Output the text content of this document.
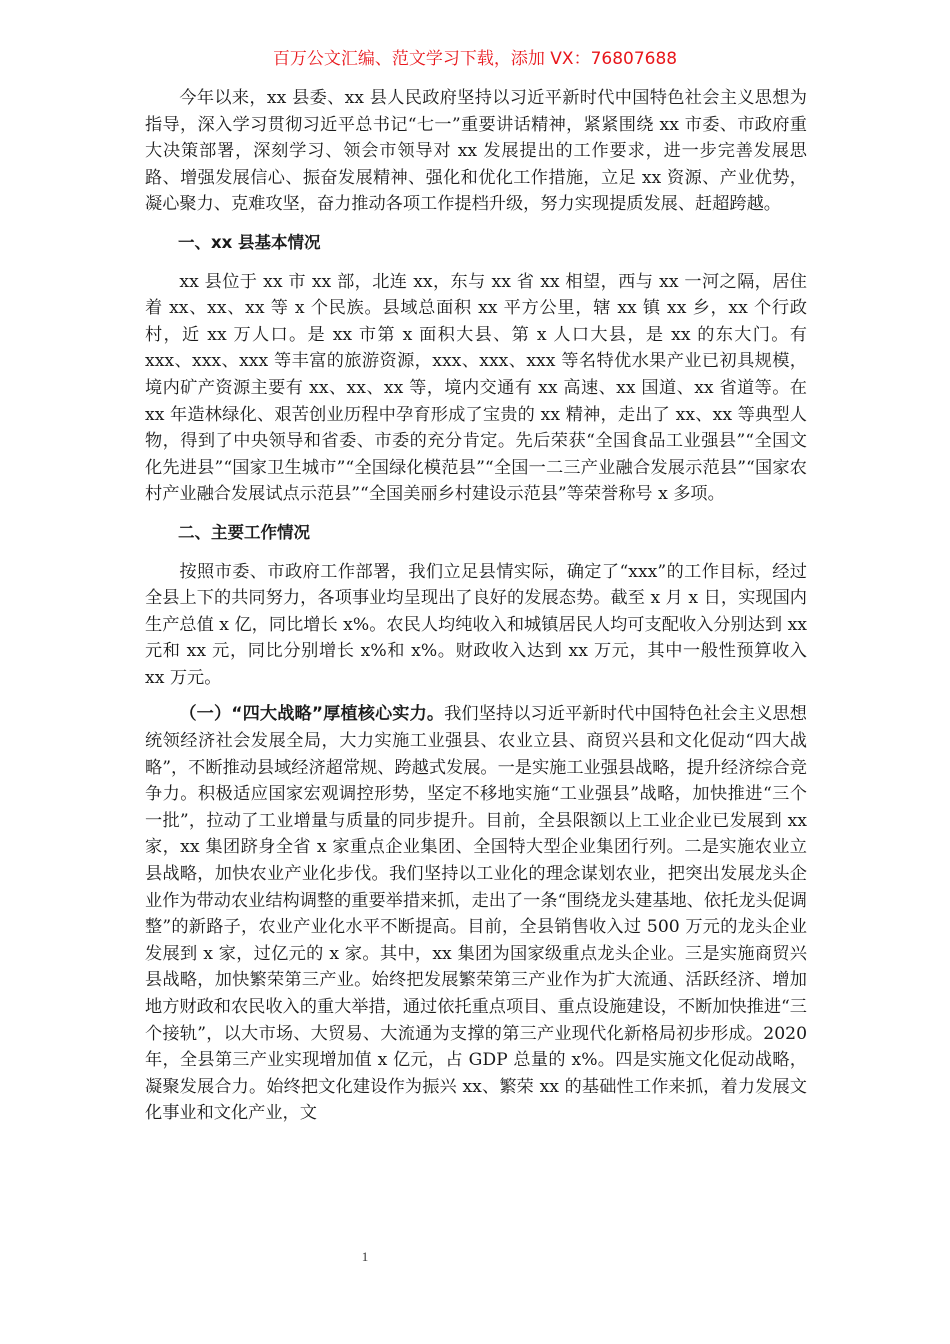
百万公文汇编、范文学习下载，添加 VX：76807688

今年以来，xx 县委、xx 县人民政府坚持以习近平新时代中国特色社会主义思想为指导，深入学习贯彻习近平总书记“七一”重要讲话精神，紧紧围绕 xx 市委、市政府重大决策部署，深刻学习、领会市领导对 xx 发展提出的工作要求，进一步完善发展思路、增强发展信心、振奋发展精神、强化和优化工作措施，立足 xx 资源、产业优势，凝心聚力、克难攻坚，奋力推动各项工作提档升级，努力实现提质发展、赶超跨越。

一、xx 县基本情况

xx 县位于 xx 市 xx 部，北连 xx，东与 xx 省 xx 相望，西与 xx 一河之隔，居住着 xx、xx、xx 等 x 个民族。县域总面积 xx 平方公里，辖 xx 镇 xx 乡，xx 个行政村，近 xx 万人口。是 xx 市第 x 面积大县、第 x 人口大县，是 xx 的东大门。有 xxx、xxx、xxx 等丰富的旅游资源，xxx、xxx、xxx 等名特优水果产业已初具规模，境内矿产资源主要有 xx、xx、xx 等，境内交通有 xx 高速、xx 国道、xx 省道等。在 xx 年造林绿化、艰苦创业历程中孕育形成了宝贵的 xx 精神，走出了 xx、xx 等典型人物，得到了中央领导和省委、市委的充分肯定。先后荣获“全国食品工业强县”“全国文化先进县”“国家卫生城市”“全国绿化模范县”“全国一二三产业融合发展示范县”“国家农村产业融合发展试点示范县”“全国美丽乡村建设示范县”等荣誉称号 x 多项。

二、主要工作情况

按照市委、市政府工作部署，我们立足县情实际，确定了“xxx”的工作目标，经过全县上下的共同努力，各项事业均呈现出了良好的发展态势。截至 x 月 x 日，实现国内生产总值 x 亿，同比增长 x%。农民人均纯收入和城镇居民人均可支配收入分别达到 xx 元和 xx 元，同比分别增长 x%和 x%。财政收入达到 xx 万元，其中一般性预算收入 xx 万元。

（一）“四大战略”厚植核心实力。我们坚持以习近平新时代中国特色社会主义思想统领经济社会发展全局，大力实施工业强县、农业立县、商贸兴县和文化促动“四大战略”，不断推动县域经济超常规、跨越式发展。一是实施工业强县战略，提升经济综合竞争力。积极适应国家宏观调控形势，坚定不移地实施“工业强县”战略，加快推进“三个一批”，拉动了工业增量与质量的同步提升。目前，全县限额以上工业企业已发展到 xx 家，xx 集团跻身全省 x 家重点企业集团、全国特大型企业集团行列。二是实施农业立县战略，加快农业产业化步伐。我们坚持以工业化的理念谋划农业，把突出发展龙头企业作为带动农业结构调整的重要举措来抓，走出了一条“围绕龙头建基地、依托龙头促调整”的新路子，农业产业化水平不断提高。目前，全县销售收入过 500 万元的龙头企业发展到 x 家，过亿元的 x 家。其中，xx 集团为国家级重点龙头企业。三是实施商贸兴县战略，加快繁荣第三产业。始终把发展繁荣第三产业作为扩大流通、活跃经济、增加地方财政和农民收入的重大举措，通过依托重点项目、重点设施建设，不断加快推进“三个接轨”，以大市场、大贸易、大流通为支撑的第三产业现代化新格局初步形成。2020 年，全县第三产业实现增加值 x 亿元，占 GDP 总量的 x%。四是实施文化促动战略，凝聚发展合力。始终把文化建设作为振兴 xx、繁荣 xx 的基础性工作来抓，着力发展文化事业和文化产业，文

1
